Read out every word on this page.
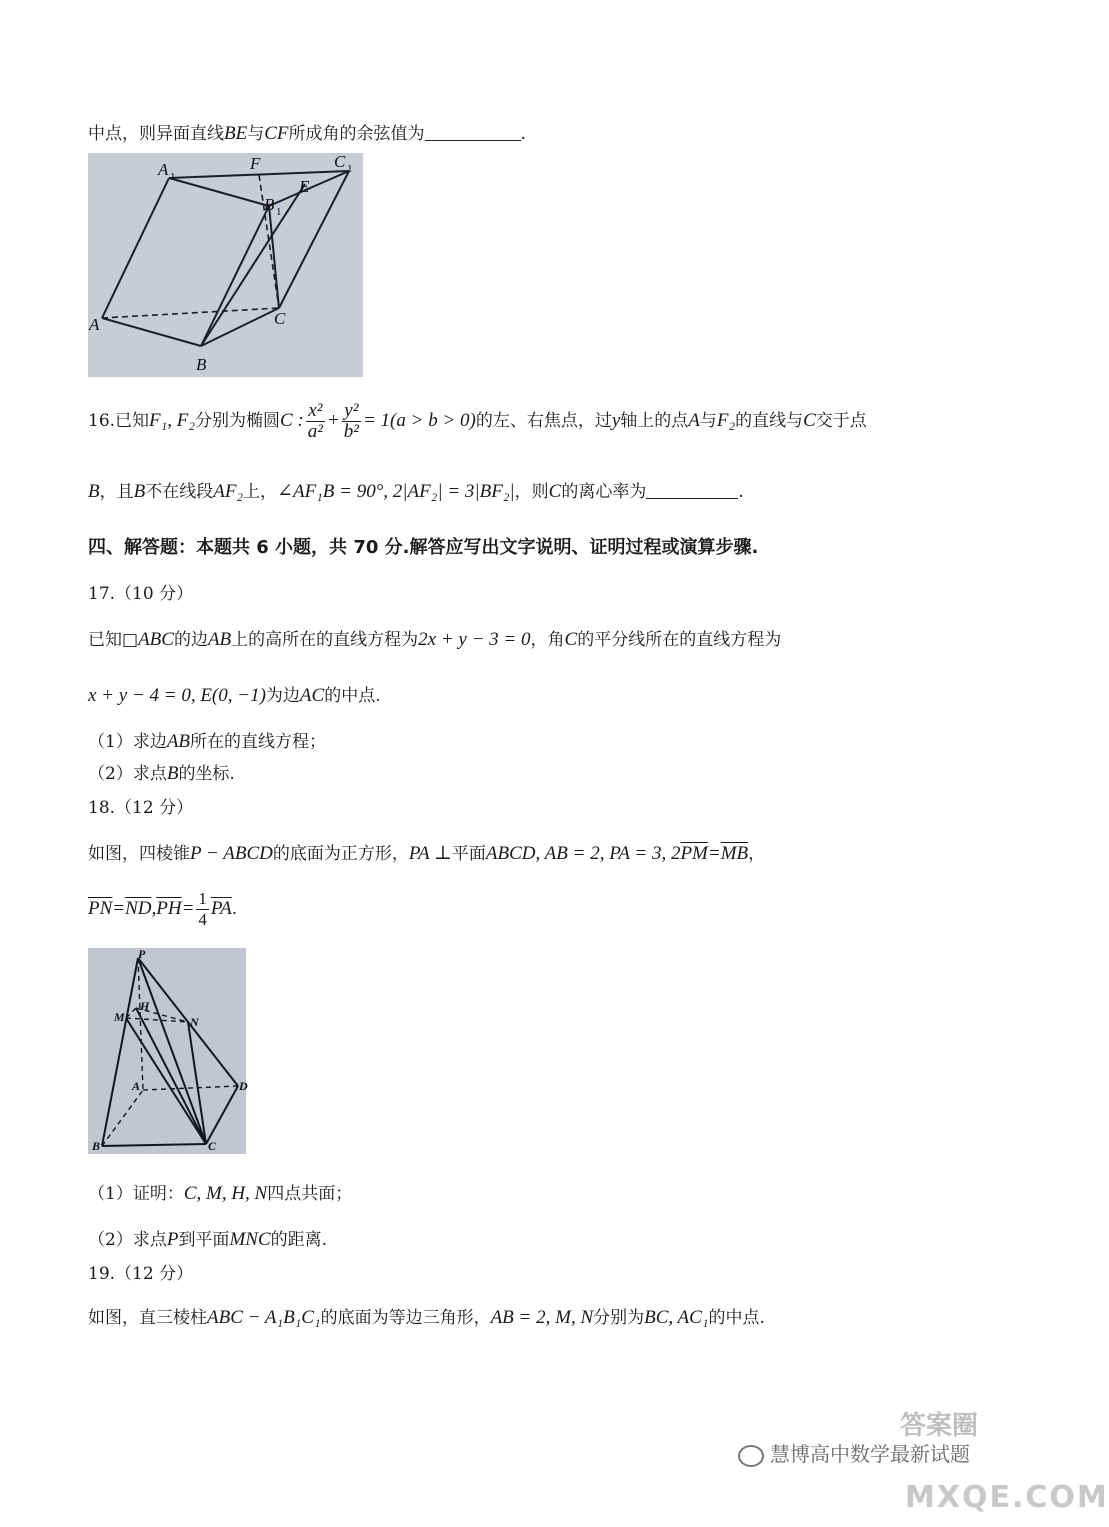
中点，则异面直线BE与CF所成角的余弦值为	.
A 1
F	C 1
E
B 1
A	C
B
16.已知F₁, F₂分别为椭圆C : $\frac{\text{x²}}{\text{a²}} + \frac{\text{y²}}{\text{b²}} = 1(a > b > 0)$的左、右焦点，过y轴上的点A与F₂的直线与C交于点
B，且B不在线段AF₂上，∠AF₁B = 90°, 2|AF₂| = 3|BF₂|，则C的离心率为	.
四、解答题：本题共 6 小题，共 70 分.解答应写出文字说明、证明过程或演算步骤.
17.（10 分）
已知□ABC的边AB上的高所在的直线方程为2x + y − 3 = 0，角C的平分线所在的直线方程为
x + y − 4 = 0, E(0, −1)为边AC的中点.
（1）求边AB所在的直线方程；
（2）求点B的坐标.
18.（12 分）
如图，四棱锥P − ABCD的底面为正方形，PA ⊥平面ABCD, AB = 2, PA = 3, $2\overline{PM}=\overline{MB}$，
$\overline{PN}=\overline{ND},\overline{PH}= \frac{1}{4} \overline{PA}$.
P
H
M	N
A	D
B	C
（1）证明：C, M, H, N四点共面；
（2）求点P到平面MNC的距离.
19.（12 分）
如图，直三棱柱ABC − A₁B₁C₁的底面为等边三角形，AB = 2, M, N分别为BC, AC₁的中点.
慧博高中数学最新试题
答案圈
MXQE.COM
